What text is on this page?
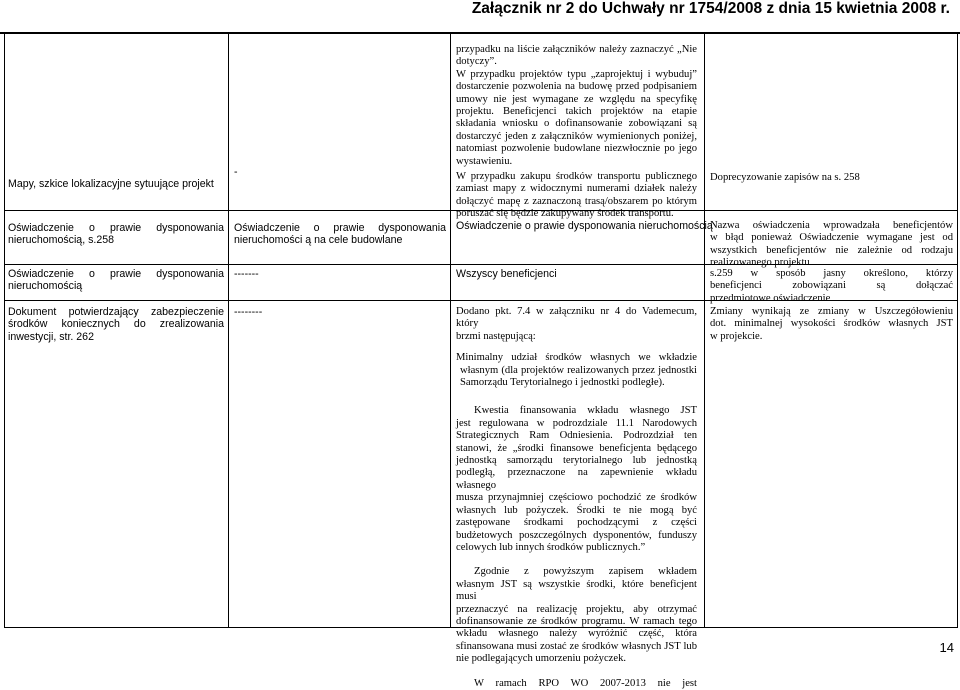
Załącznik nr 2 do Uchwały nr 1754/2008 z dnia 15 kwietnia 2008 r.
Mapy, szkice lokalizacyjne sytuujące projekt
Oświadczenie o prawie dysponowania
nieruchomością, s.258
Oświadczenie o prawie dysponowania
nieruchomością
Dokument potwierdzający zabezpieczenie
środków koniecznych do zrealizowania
inwestycji, str. 262
-
Oświadczenie o prawie dysponowania
nieruchomości ą na cele budowlane
-------
--------
przypadku na liście załączników należy zaznaczyć „Nie
dotyczy”.
W przypadku projektów typu „zaprojektuj i wybuduj”
dostarczenie pozwolenia na budowę przed podpisaniem
umowy nie jest wymagane ze względu na specyfikę
projektu. Beneficjenci takich projektów na etapie
składania wniosku o dofinansowanie zobowiązani są
dostarczyć jeden z załączników wymienionych poniżej,
natomiast pozwolenie budowlane niezwłocznie po jego
wystawieniu.
W przypadku zakupu środków transportu publicznego
zamiast mapy z widocznymi numerami działek należy
dołączyć mapę z zaznaczoną trasą/obszarem po którym
poruszać się będzie zakupywany środek transportu.
Oświadczenie o prawie dysponowania nieruchomością
Wszyscy beneficjenci
Dodano pkt. 7.4 w załączniku nr 4 do Vademecum, który
brzmi następującą:
Minimalny udział środków własnych we wkładzie
własnym (dla projektów realizowanych przez jednostki
Samorządu Terytorialnego i jednostki podległe).
Kwestia finansowania wkładu własnego JST
jest regulowana w podrozdziale 11.1 Narodowych
Strategicznych Ram Odniesienia. Podrozdział ten
stanowi, że „środki finansowe beneficjenta będącego
jednostką samorządu terytorialnego lub jednostką
podległą, przeznaczone na zapewnienie wkładu własnego
musza przynajmniej częściowo pochodzić ze środków
własnych lub pożyczek. Środki te nie mogą być
zastępowane środkami pochodzącymi z części
budżetowych poszczególnych dysponentów, funduszy
celowych lub innych środków publicznych.”
Zgodnie z powyższym zapisem wkładem
własnym JST są wszystkie środki, które beneficjent musi
przeznaczyć na realizację projektu, aby otrzymać
dofinansowanie ze środków programu. W ramach tego
wkładu własnego należy wyróżnić część, która
sfinansowana musi zostać ze środków własnych JST lub
nie podlegających umorzeniu pożyczek.
W ramach RPO WO 2007-2013 nie jest
Doprecyzowanie zapisów na s. 258
Nazwa oświadczenia wprowadzała beneficjentów
w błąd ponieważ Oświadczenie wymagane jest od
wszystkich beneficjentów nie zależnie od rodzaju
realizowanego projektu
s.259 w sposób jasny określono, którzy
beneficjenci zobowiązani są dołączać
przedmiotowe oświadczenie
Zmiany wynikają ze zmiany w Uszczegółowieniu
dot. minimalnej wysokości środków własnych JST
w projekcie.
14
